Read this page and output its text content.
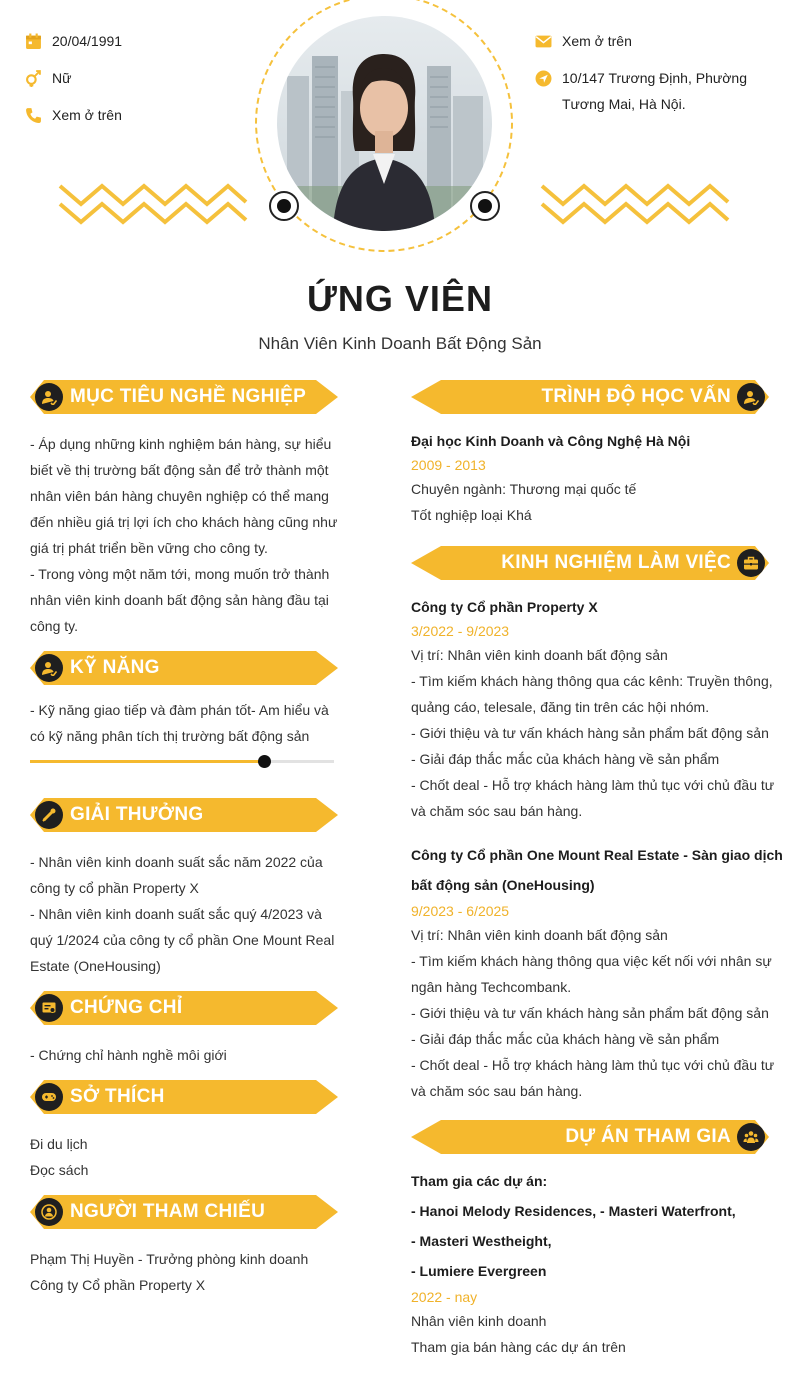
20/04/1991
Nữ
Xem ở trên
Xem ở trên
10/147 Trương Định, Phường
Tương Mai, Hà Nội.
ỨNG VIÊN
Nhân Viên Kinh Doanh Bất Động Sản
MỤC TIÊU NGHỀ NGHIỆP

- Áp dụng những kinh nghiệm bán hàng, sự hiểu

biết về thị trường bất động sản để trở thành một

nhân viên bán hàng chuyên nghiệp có thể mang

đến nhiều giá trị lợi ích cho khách hàng cũng như

giá trị phát triển bền vững cho công ty.

- Trong vòng một năm tới, mong muốn trở thành

nhân viên kinh doanh bất động sản hàng đầu tại

công ty.

KỸ NĂNG

- Kỹ năng giao tiếp và đàm phán tốt- Am hiểu và

có kỹ năng phân tích thị trường bất động sản

GIẢI THƯỞNG

- Nhân viên kinh doanh suất sắc năm 2022 của

công ty cổ phần Property X

- Nhân viên kinh doanh suất sắc quý 4/2023 và

quý 1/2024 của công ty cổ phần One Mount Real

Estate (OneHousing)

CHỨNG CHỈ

- Chứng chỉ hành nghề môi giới

SỞ THÍCH

Đi du lịch

Đọc sách

NGƯỜI THAM CHIẾU

Phạm Thị Huyền - Trưởng phòng kinh doanh

Công ty Cổ phần Property X

TRÌNH ĐỘ HỌC VẤN

Đại học Kinh Doanh và Công Nghệ Hà Nội

2009 - 2013

Chuyên ngành: Thương mại quốc tế

Tốt nghiệp loại Khá

KINH NGHIỆM LÀM VIỆC

Công ty Cổ phần Property X

3/2022 - 9/2023

Vị trí: Nhân viên kinh doanh bất động sản

- Tìm kiếm khách hàng thông qua các kênh: Truyền thông,

quảng cáo, telesale, đăng tin trên các hội nhóm.

- Giới thiệu và tư vấn khách hàng sản phẩm bất động sản

- Giải đáp thắc mắc của khách hàng về sản phẩm

- Chốt deal - Hỗ trợ khách hàng làm thủ tục với chủ đầu tư

và chăm sóc sau bán hàng.

Công ty Cổ phần One Mount Real Estate - Sàn giao dịch

bất động sản (OneHousing)

9/2023 - 6/2025

Vị trí: Nhân viên kinh doanh bất động sản

- Tìm kiếm khách hàng thông qua việc kết nối với nhân sự

ngân hàng Techcombank.

- Giới thiệu và tư vấn khách hàng sản phẩm bất động sản

- Giải đáp thắc mắc của khách hàng về sản phẩm

- Chốt deal - Hỗ trợ khách hàng làm thủ tục với chủ đầu tư

và chăm sóc sau bán hàng.

DỰ ÁN THAM GIA

Tham gia các dự án:

- Hanoi Melody Residences, - Masteri Waterfront,

- Masteri Westheight,

- Lumiere Evergreen

2022 - nay

Nhân viên kinh doanh

Tham gia bán hàng các dự án trên
